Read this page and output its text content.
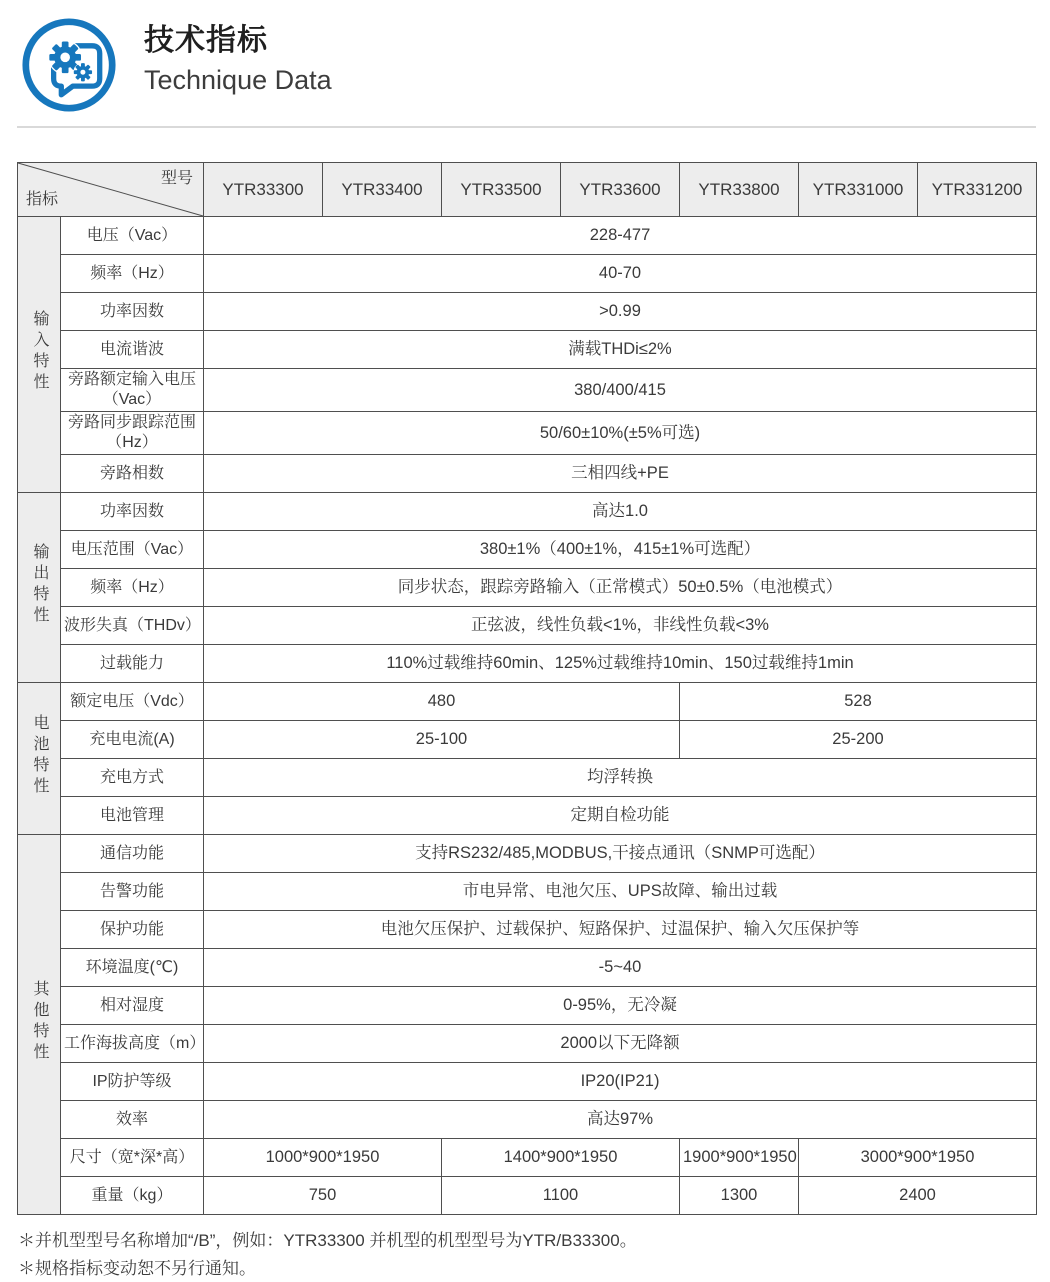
技术指标
Technique Data
型号
指标		YTR33300	YTR33400	YTR33500	YTR33600	YTR33800	YTR331000	YTR331200
输入特性	电压（Vac）	228-477						
	频率（Hz）	40-70						
	功率因数	>0.99						
	电流谐波	满载THDi≤2%						
	旁路额定输入电压（Vac）	380/400/415						
	旁路同步跟踪范围（Hz）	50/60±10%(±5%可选)						
	旁路相数	三相四线+PE						
输出特性	功率因数	高达1.0						
	电压范围（Vac）	380±1%（400±1%，415±1%可选配）						
	频率（Hz）	同步状态，跟踪旁路输入（正常模式）50±0.5%（电池模式）						
	波形失真（THDv）	正弦波，线性负载<1%，非线性负载<3%						
	过载能力	110%过载维持60min、125%过载维持10min、150过载维持1min						
电池特性	额定电压（Vdc）	480				528		
	充电电流(A)	25-100				25-200		
	充电方式	均浮转换						
	电池管理	定期自检功能						
其他特性	通信功能	支持RS232/485,MODBUS,干接点通讯（SNMP可选配）						
	告警功能	市电异常、电池欠压、UPS故障、输出过载						
	保护功能	电池欠压保护、过载保护、短路保护、过温保护、输入欠压保护等						
	环境温度(℃)	-5~40						
	相对湿度	0-95%，无冷凝						
	工作海拔高度（m）	2000以下无降额						
	IP防护等级	IP20(IP21)						
	效率	高达97%						
	尺寸（宽*深*高）	1000*900*1950		1400*900*1950		1900*900*1950	3000*900*1950	
	重量（kg）	750		1100		1300	2400	

＊并机型型号名称增加“/B”，例如：YTR33300 并机型的机型型号为YTR/B33300。

＊规格指标变动恕不另行通知。
